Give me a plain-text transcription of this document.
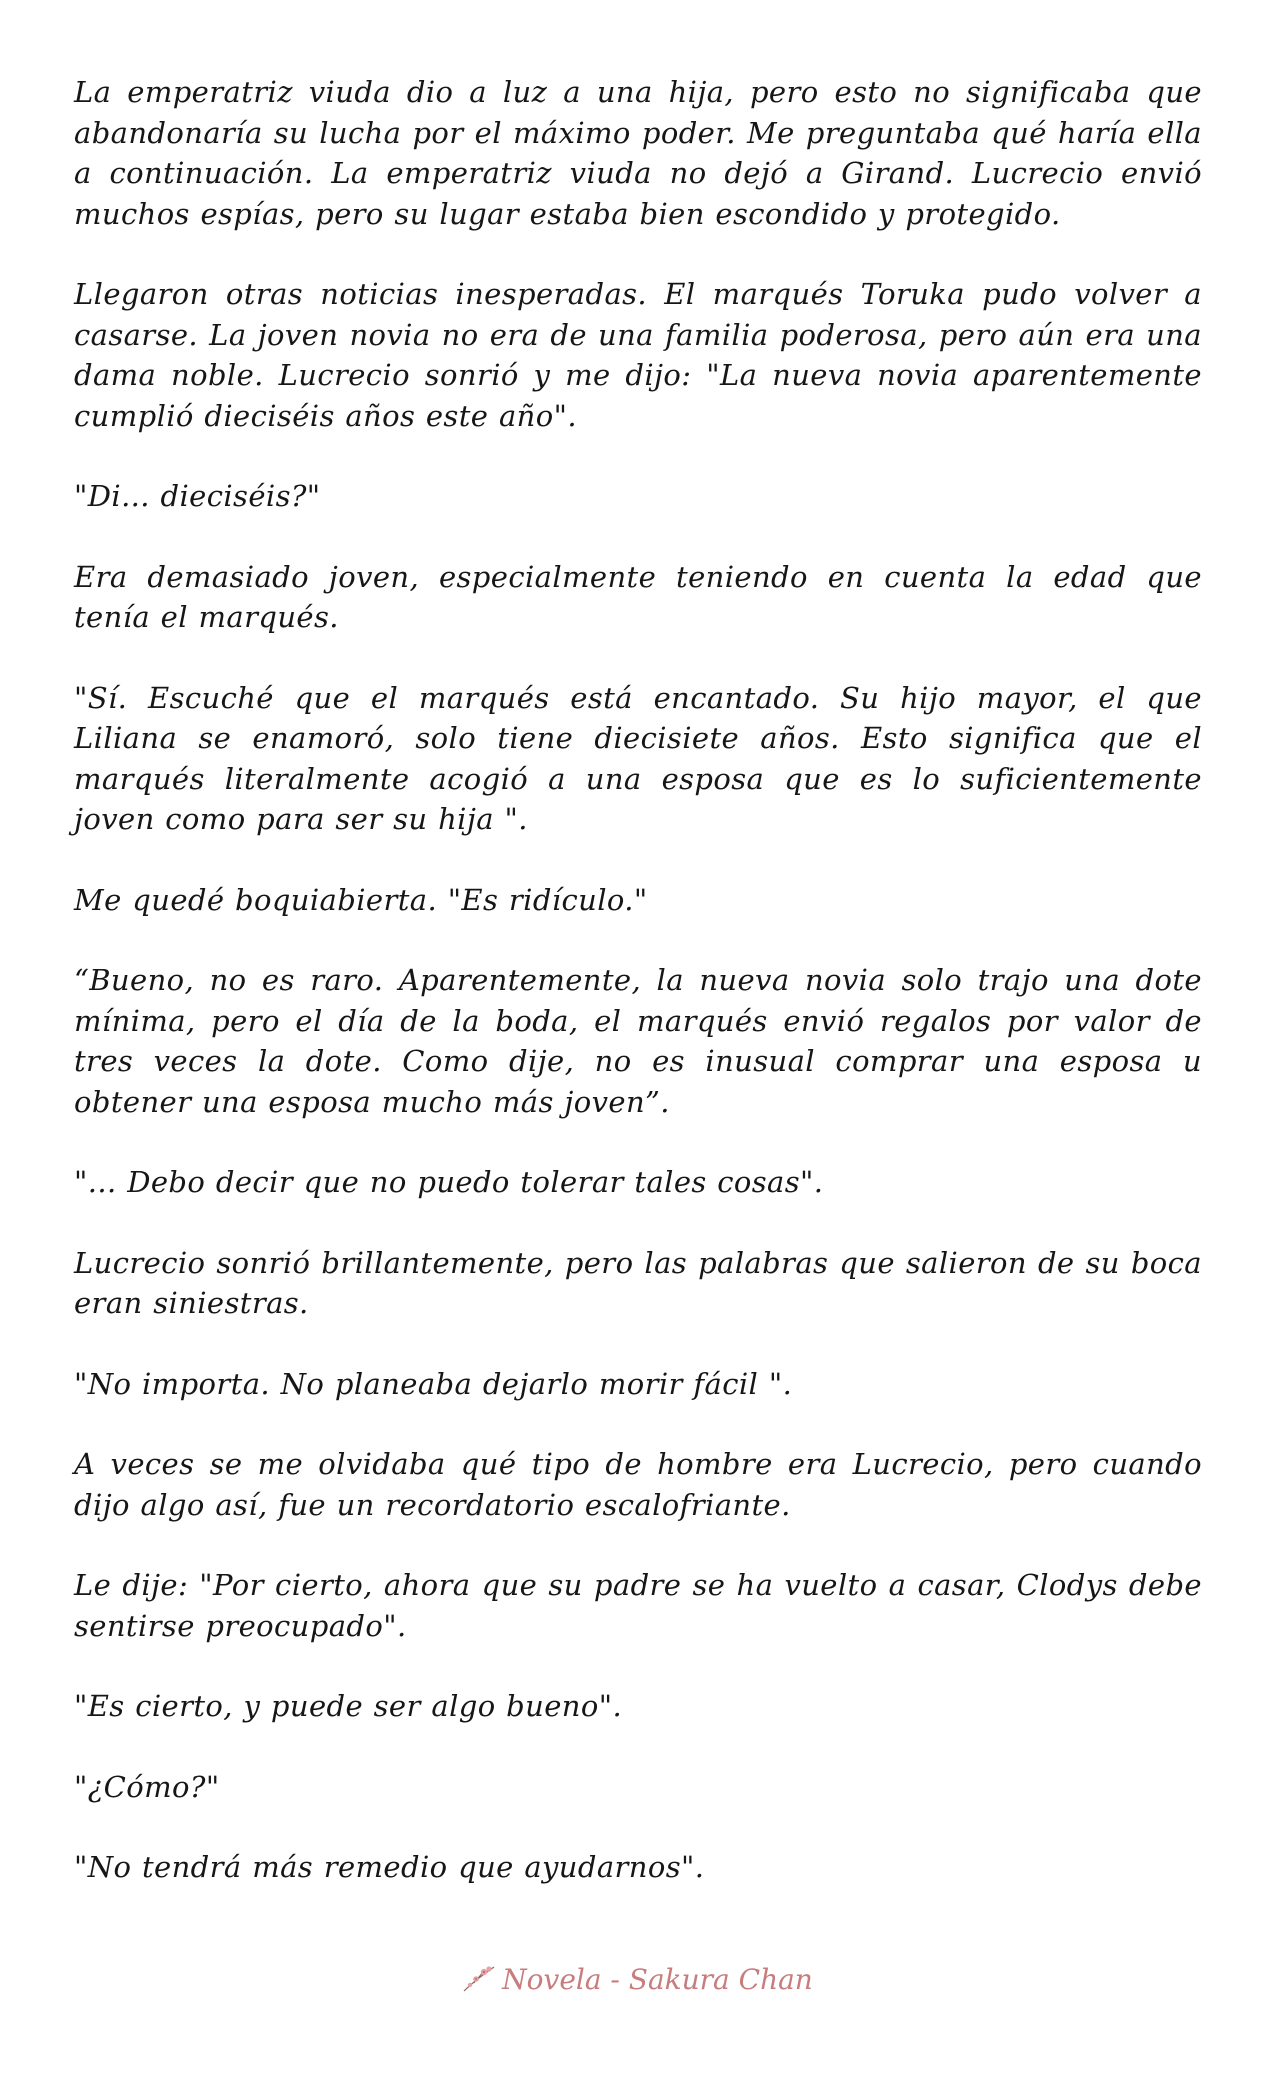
La emperatriz viuda dio a luz a una hija, pero esto no significaba que abandonaría su lucha por el máximo poder. Me preguntaba qué haría ella a continuación. La emperatriz viuda no dejó a Girand. Lucrecio envió muchos espías, pero su lugar estaba bien escondido y protegido.

Llegaron otras noticias inesperadas. El marqués Toruka pudo volver a casarse. La joven novia no era de una familia poderosa, pero aún era una dama noble. Lucrecio sonrió y me dijo: "La nueva novia aparentemente cumplió dieciséis años este año".

"Di... dieciséis?"

Era demasiado joven, especialmente teniendo en cuenta la edad que tenía el marqués.

"Sí. Escuché que el marqués está encantado. Su hijo mayor, el que Liliana se enamoró, solo tiene diecisiete años. Esto significa que el marqués literalmente acogió a una esposa que es lo suficientemente joven como para ser su hija ".

Me quedé boquiabierta. "Es ridículo."

“Bueno, no es raro. Aparentemente, la nueva novia solo trajo una dote mínima, pero el día de la boda, el marqués envió regalos por valor de tres veces la dote. Como dije, no es inusual comprar una esposa u obtener una esposa mucho más joven”.

"... Debo decir que no puedo tolerar tales cosas".

Lucrecio sonrió brillantemente, pero las palabras que salieron de su boca eran siniestras.

"No importa. No planeaba dejarlo morir fácil ".

A veces se me olvidaba qué tipo de hombre era Lucrecio, pero cuando dijo algo así, fue un recordatorio escalofriante.

Le dije: "Por cierto, ahora que su padre se ha vuelto a casar, Clodys debe sentirse preocupado".

"Es cierto, y puede ser algo bueno".

"¿Cómo?"

"No tendrá más remedio que ayudarnos".

Novela - Sakura Chan
